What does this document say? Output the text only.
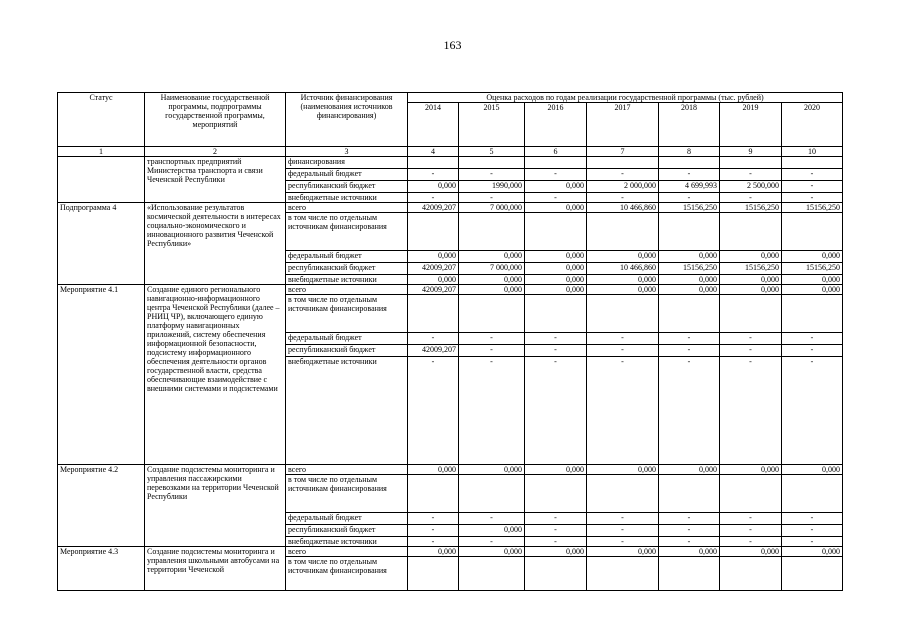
163
Статус	Наименование государственной программы, подпрограммы государственной программы, мероприятий	Источник финансирования (наименования источников финансирования)	Оценка расходов по годам реализации государственной программы (тыс. рублей)						
			2014	2015	2016	2017	2018	2019	2020
1	2	3	4	5	6	7	8	9	10
	транспортных предприятий Министерства транспорта и связи Чеченской Республики	финансирования							
		федеральный бюджет	-	-	-	-	-	-	-
		республиканский бюджет	0,000	1990,000	0,000	2 000,000	4 699,993	2 500,000	-
		внебюджетные источники	-	-	-	-	-	-	-
Подпрограмма 4	«Использование результатов космической деятельности в интересах социально-экономического и инновационного развития Чеченской Республики»	всего	42009,207	7 000,000	0,000	10 466,860	15156,250	15156,250	15156,250
		в том числе по отдельным источникам финансирования							
		федеральный бюджет	0,000	0,000	0,000	0,000	0,000	0,000	0,000
		республиканский бюджет	42009,207	7 000,000	0,000	10 466,860	15156,250	15156,250	15156,250
		внебюджетные источники	0,000	0,000	0,000	0,000	0,000	0,000	0,000
Мероприятие 4.1	Создание единого регионального навигационно-информационного центра Чеченской Республики (далее – РНИЦ ЧР), включающего единую платформу навигационных приложений, систему обеспечения информационной безопасности, подсистему информационного обеспечения деятельности органов государственной власти, средства обеспечивающие взаимодействие с внешними системами и подсистемами	всего	42009,207	0,000	0,000	0,000	0,000	0,000	0,000
		в том числе по отдельным источникам финансирования							
		федеральный бюджет	-	-	-	-	-	-	-
		республиканский бюджет	42009,207	-	-	-	-	-	-
		внебюджетные источники	-	-	-	-	-	-	-
Мероприятие 4.2	Создание подсистемы мониторинга и управления пассажирскими перевозками на территории Чеченской Республики	всего	0,000	0,000	0,000	0,000	0,000	0,000	0,000
		в том числе по отдельным источникам финансирования							
		федеральный бюджет	-	-	-	-	-	-	-
		республиканский бюджет	-	0,000	-	-	-	-	-
		внебюджетные источники	-	-	-	-	-	-	-
Мероприятие 4.3	Создание подсистемы мониторинга и управления школьными автобусами на территории Чеченской	всего	0,000	0,000	0,000	0,000	0,000	0,000	0,000
		в том числе по отдельным источникам финансирования							
